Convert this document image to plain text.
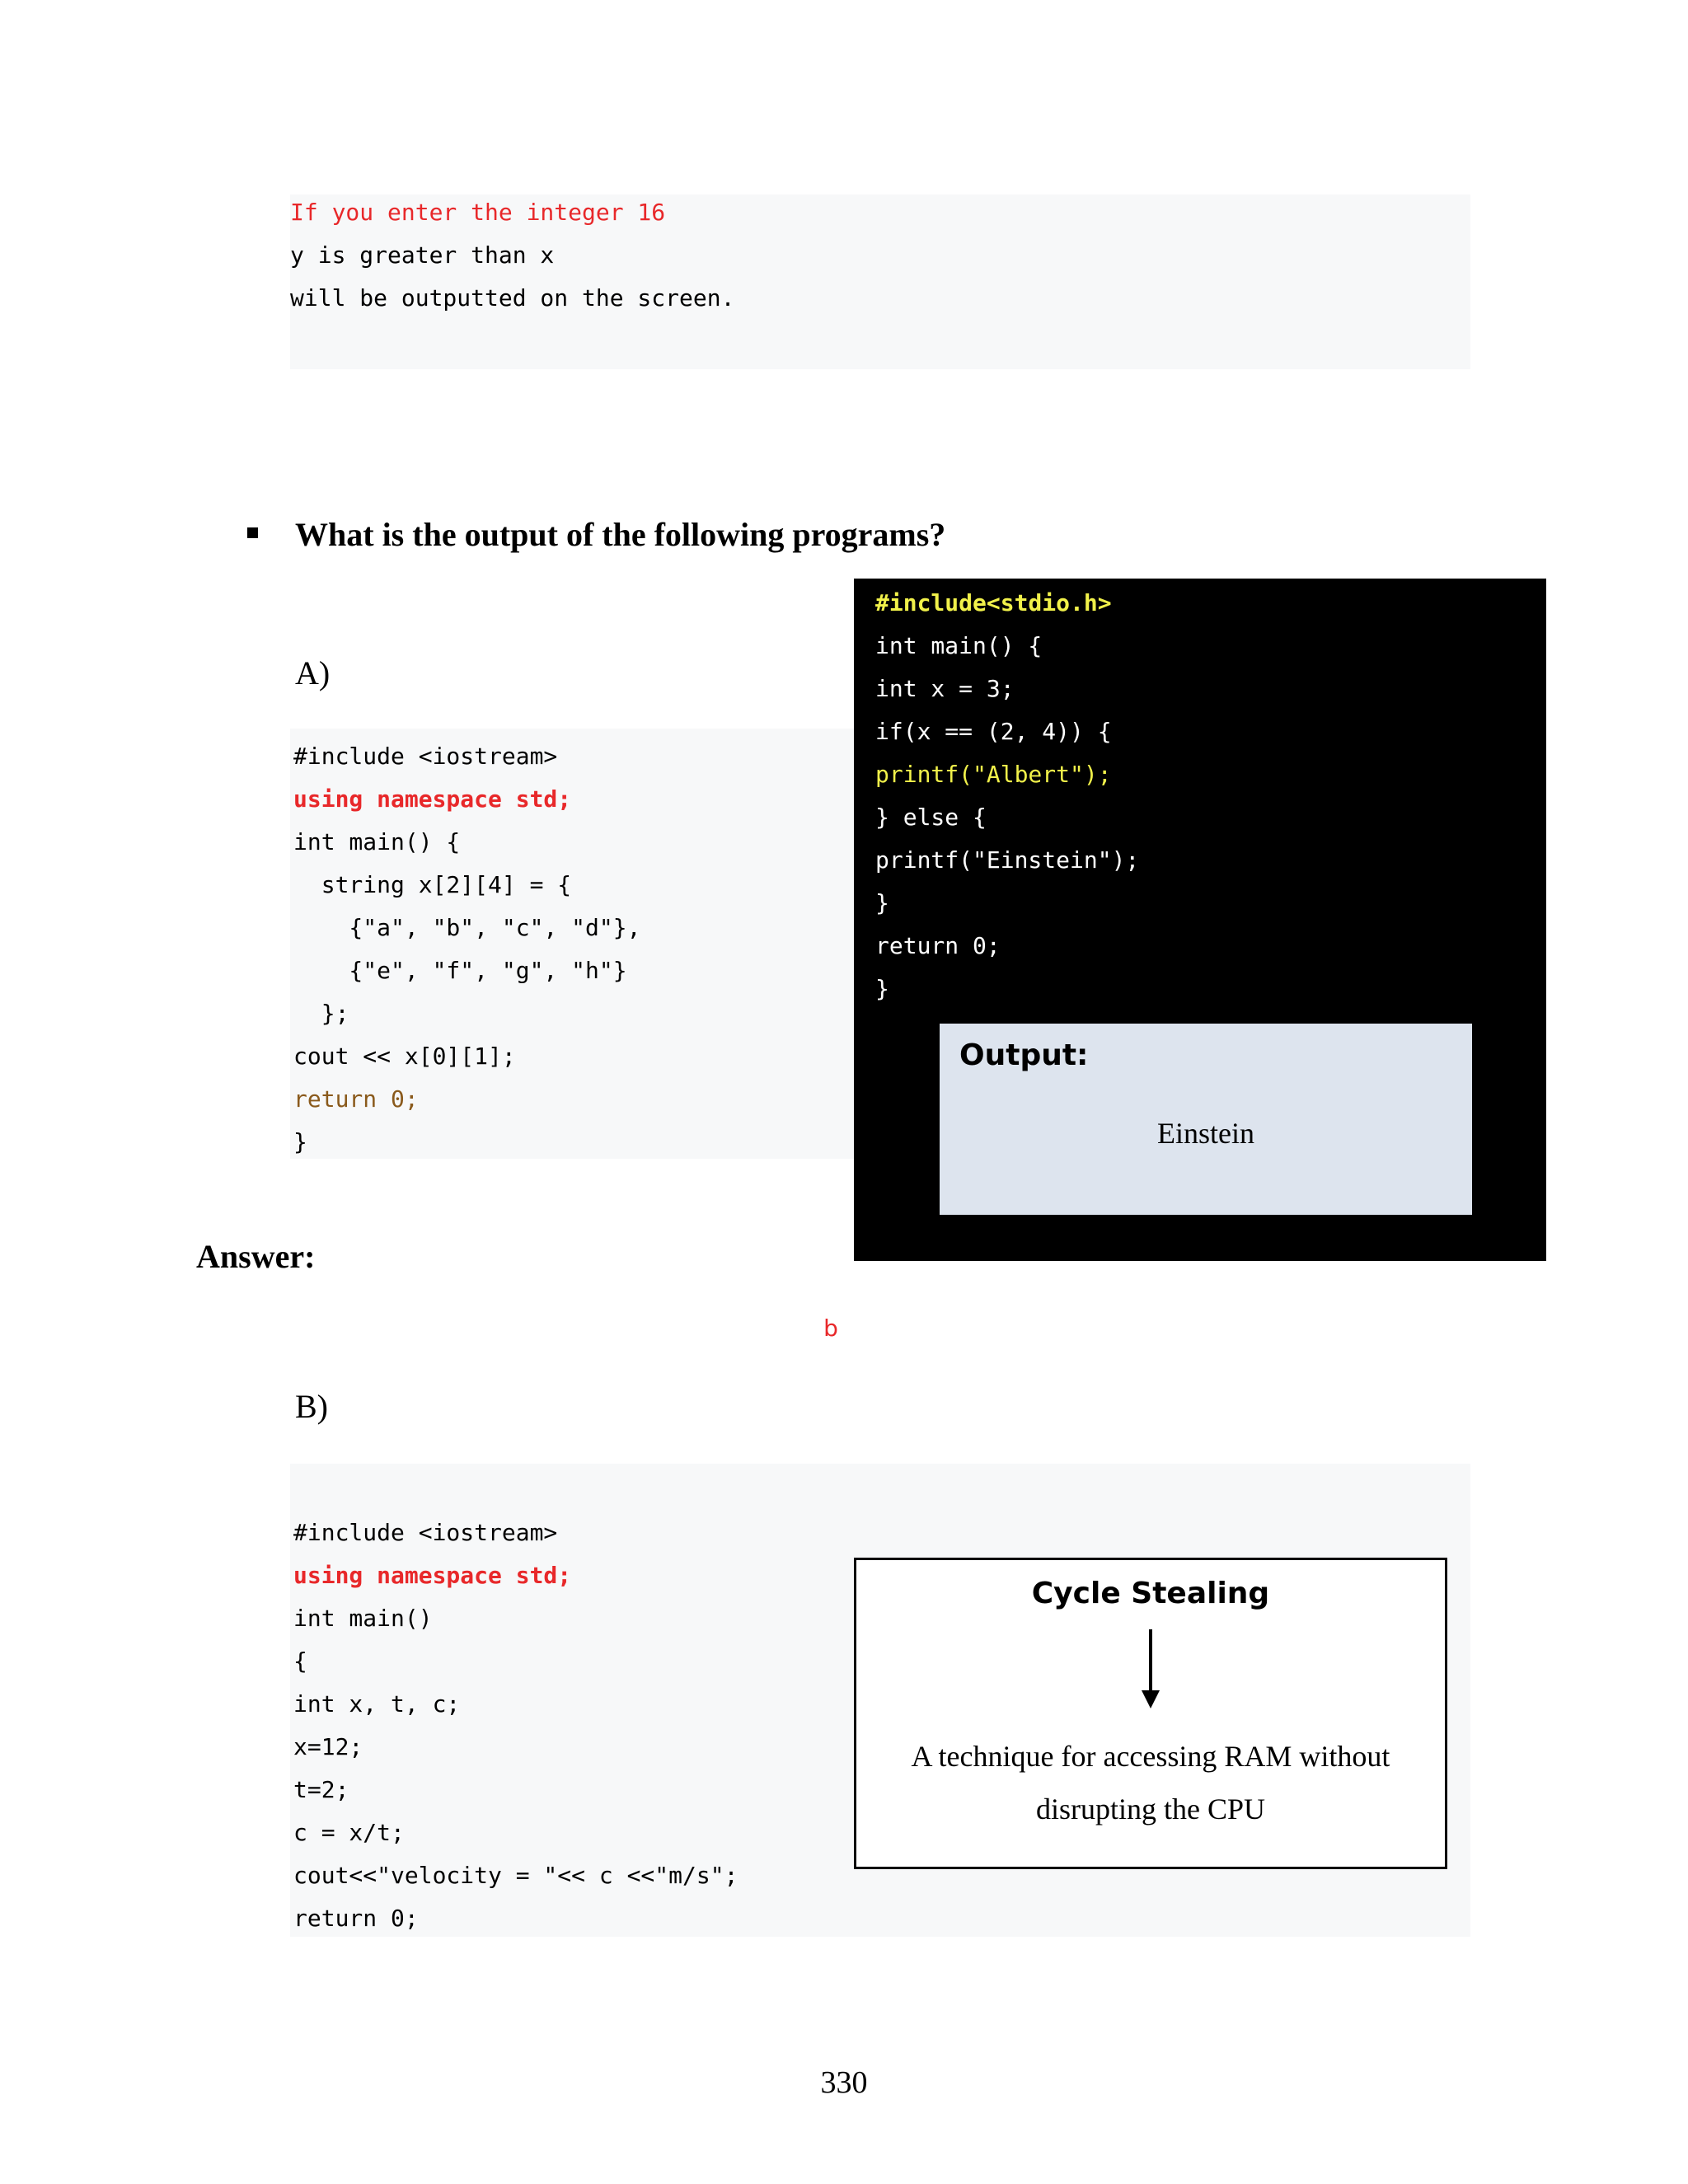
If you enter the integer 16
y is greater than x
will be outputted on the screen.
What is the output of the following programs?
A)
#include <iostream>
using namespace std;
int main() {
string x[2][4] = {
{"a", "b", "c", "d"},
{"e", "f", "g", "h"}
};
cout << x[0][1];
return 0;
}
#include<stdio.h>
int main() {
int x = 3;
if(x == (2, 4)) {
printf("Albert");
} else {
printf("Einstein");
}
return 0;
}
Output:
Einstein
Answer:
b
B)
#include <iostream>
using namespace std;
int main()
{
int x, t, c;
x=12;
t=2;
c = x/t;
cout<<"velocity = "<< c <<"m/s";
return 0;
Cycle Stealing
A technique for accessing RAM without
disrupting the CPU
330
